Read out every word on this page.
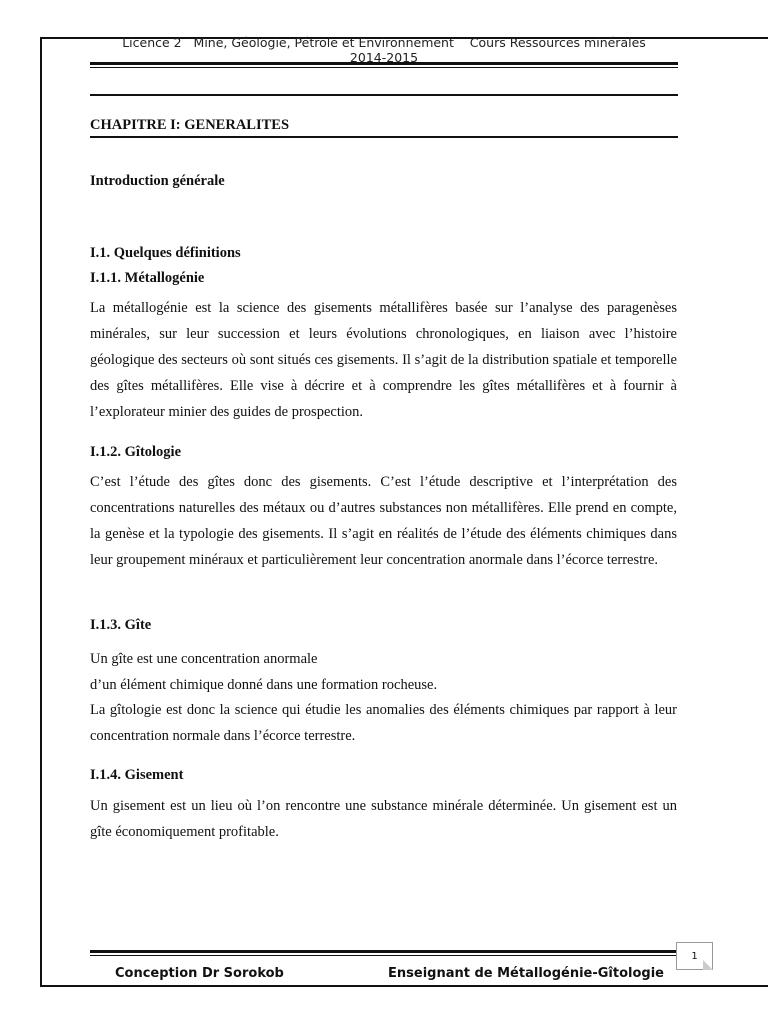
Licence 2   Mine, Géologie, Pétrole et Environnement Cours Ressources minérales
2014-2015
CHAPITRE I: GENERALITES
Introduction générale
I.1. Quelques définitions
I.1.1. Métallogénie
La métallogénie est la science des gisements métallifères basée sur l’analyse des paragenèses minérales, sur leur succession et leurs évolutions chronologiques, en liaison avec l’histoire géologique des secteurs où sont situés ces gisements. Il s’agit de la distribution spatiale et temporelle des gîtes métallifères. Elle vise à décrire et à comprendre les gîtes métallifères et à fournir à l’explorateur minier des guides de prospection.
I.1.2. Gîtologie
C’est l’étude des gîtes donc des gisements. C’est l’étude descriptive et l’interprétation des concentrations naturelles des métaux ou d’autres substances non métallifères. Elle prend en compte, la genèse et la typologie des gisements. Il s’agit en réalités de l’étude des éléments chimiques dans leur groupement minéraux et particulièrement leur concentration anormale dans l’écorce terrestre.
I.1.3. Gîte
Un gîte est une concentration anormale
d’un élément chimique donné dans une formation rocheuse.
La gîtologie est donc la science qui étudie les anomalies des éléments chimiques par rapport à leur concentration normale dans l’écorce terrestre.
I.1.4. Gisement
Un gisement est un lieu où l’on rencontre une substance minérale déterminée. Un gisement est un gîte économiquement profitable.
1
Conception Dr Sorokob	Enseignant de Métallogénie-Gîtologie
